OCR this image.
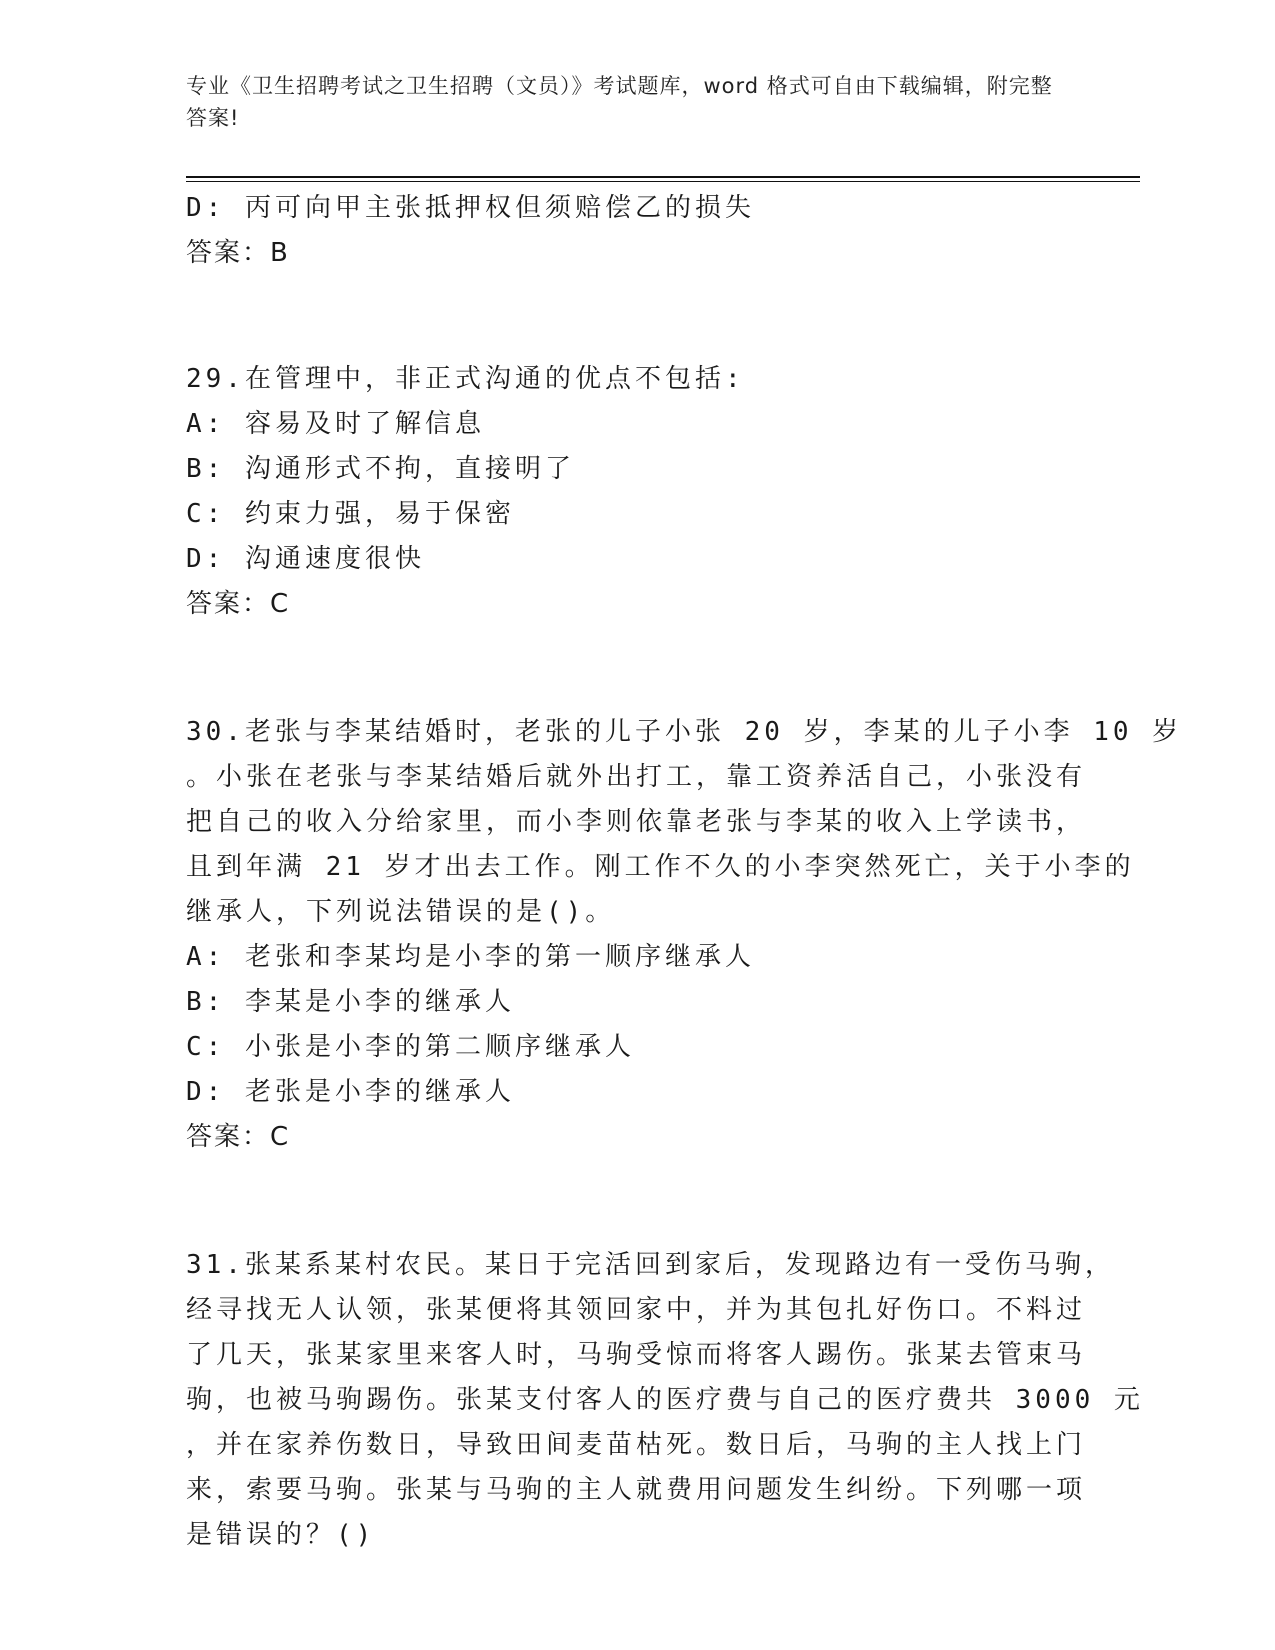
专业《卫生招聘考试之卫生招聘（文员）》考试题库，word 格式可自由下载编辑，附完整答案!
D: 丙可向甲主张抵押权但须赔偿乙的损失
答案：B
29.在管理中，非正式沟通的优点不包括:
A: 容易及时了解信息
B: 沟通形式不拘，直接明了
C: 约束力强，易于保密
D: 沟通速度很快
答案：C
30.老张与李某结婚时，老张的儿子小张 20 岁，李某的儿子小李 10 岁
。小张在老张与李某结婚后就外出打工，靠工资养活自己，小张没有
把自己的收入分给家里，而小李则依靠老张与李某的收入上学读书，
且到年满 21 岁才出去工作。刚工作不久的小李突然死亡，关于小李的
继承人，下列说法错误的是()。
A: 老张和李某均是小李的第一顺序继承人
B: 李某是小李的继承人
C: 小张是小李的第二顺序继承人
D: 老张是小李的继承人
答案：C
31.张某系某村农民。某日于完活回到家后，发现路边有一受伤马驹，
经寻找无人认领，张某便将其领回家中，并为其包扎好伤口。不料过
了几天，张某家里来客人时，马驹受惊而将客人踢伤。张某去管束马
驹，也被马驹踢伤。张某支付客人的医疗费与自己的医疗费共 3000 元
，并在家养伤数日，导致田间麦苗枯死。数日后，马驹的主人找上门
来，索要马驹。张某与马驹的主人就费用问题发生纠纷。下列哪一项
是错误的？()
